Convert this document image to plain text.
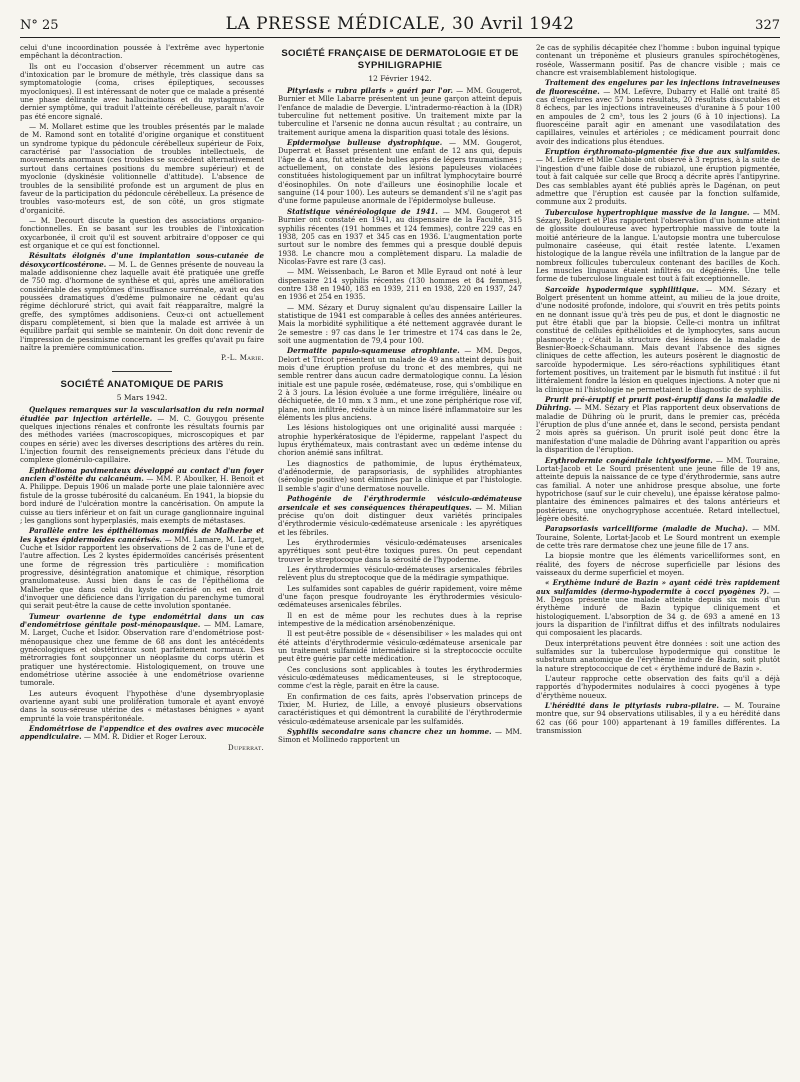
N° 25	LA PRESSE MÉDICALE, 30 Avril 1942	327

celui d'une incoordination poussée à l'extrême avec hypertonie empêchant la décontraction.

Ils ont eu l'occasion d'observer récemment un autre cas d'intoxication par le bromure de méthyle, très classique dans sa symptomatologie (coma, crises épileptiques, secousses myocloniques). Il est intéressant de noter que ce malade a présenté une phase délirante avec hallucinations et du nystagmus. Ce dernier symptôme, qui traduit l'atteinte cérébelleuse, paraît n'avoir pas été encore signalé.

— M. Mollaret estime que les troubles présentés par le malade de M. Ramond sont en totalité d'origine organique et constituent un syndrome typique du pédoncule cérébelleux supérieur de Foix, caractérisé par l'association de troubles intellectuels, de mouvements anormaux (ces troubles se succèdent alternativement surtout dans certaines positions du membre supérieur) et de myoclonie (dyskinésie volitionnelle d'attitude). L'absence de troubles de la sensibilité profonde est un argument de plus en faveur de la participation du pédoncule cérébelleux. La présence de troubles vaso-moteurs est, de son côté, un gros stigmate d'organicité.

— M. Decourt discute la question des associations organico-fonctionnelles. En se basant sur les troubles de l'intoxication oxycarbonée, il croit qu'il est souvent arbitraire d'opposer ce qui est organique et ce qui est fonctionnel.

Résultats éloignés d'une implantation sous-cutanée de désoxycorticostérone. — M. L. de Gennes présente de nouveau la malade addisonienne chez laquelle avait été pratiquée une greffe de 750 mg. d'hormone de synthèse et qui, après une amélioration considérable des symptômes d'insuffisance surrénale, avait eu des poussées dramatiques d'œdème pulmonaire ne cédant qu'au régime déchloruré strict, qui avait fait réapparaître, malgré la greffe, des symptômes addisoniens. Ceux-ci ont actuellement disparu complètement, si bien que la malade est arrivée à un équilibre parfait qui semble se maintenir. On doit donc revenir de l'impression de pessimisme concernant les greffes qu'avait pu faire naître la première communication.
P.-L. Marie.
SOCIÉTÉ ANATOMIQUE DE PARIS
5 Mars 1942.
Quelques remarques sur la vascularisation du rein normal étudiée par injection artérielle. — M. C. Gouygou présente quelques injections rénales et confronte les résultats fournis par des méthodes variées (macroscopiques, microscopiques et par coupes en série) avec les diverses descriptions des artères du rein. L'injection fournit des renseignements précieux dans l'étude du complexe glomérulo-capillaire.
Epithélioma pavimenteux développé au contact d'un foyer ancien d'ostéite du calcanéum. — MM. P. Aboulker, H. Benoit et A. Philippe. Depuis 1906 un malade porte une plaie talonnière avec fistule de la grosse tubérosité du calcanéum. En 1941, la biopsie du bord induré de l'ulcération montre la cancérisation. On ampute la cuisse au tiers inférieur et on fait un curage ganglionnaire inguinal ; les ganglions sont hyperplasiés, mais exempts de métastases.
Parallèle entre les épithéliomas momifiés de Malherbe et les kystes épidermoïdes cancérisés. — MM. Lamare, M. Larget, Cuche et Isidor rapportent les observations de 2 cas de l'une et de l'autre affection. Les 2 kystes épidermoïdes cancérisés présentent une forme de régression très particulière : momification progressive, désintégration anatomique et chimique, résorption granulomateuse. Aussi bien dans le cas de l'épithélioma de Malherbe que dans celui du kyste cancérisé on est en droit d'invoquer une déficience dans l'irrigation du parenchyme tumoral qui serait peut-être la cause de cette involution spontanée.
Tumeur ovarienne de type endométrial dans un cas d'endométriose génitale post-ménopausique. — MM. Lamare, M. Larget, Cuche et Isidor. Observation rare d'endométriose post-ménopausique chez une femme de 68 ans dont les antécédents gynécologiques et obstétricaux sont parfaitement normaux. Des métrorragies font soupçonner un néoplasme du corps utérin et pratiquer une hystérectomie. Histologiquement, on trouve une endométriose utérine associée à une endométriose ovarienne tumorale.

Les auteurs évoquent l'hypothèse d'une dysembryoplasie ovarienne ayant subi une prolifération tumorale et ayant envoyé dans la sous-séreuse utérine des « métastases bénignes » ayant emprunté la voie transpéritonéale.

Endométriose de l'appendice et des ovaires avec mucocèle appendiculaire. — MM. R. Didier et Roger Leroux.
Duperrat.
SOCIÉTÉ FRANÇAISE DE DERMATOLOGIE ET DE SYPHILIGRAPHIE
12 Février 1942.
Pityriasis « rubra pilaris » guéri par l'or. — MM. Gougerot, Burnier et Mlle Labarre présentent un jeune garçon atteint depuis l'enfance de maladie de Devergie. L'intradermo-réaction à la (IDR) tuberculine fut nettement positive. Un traitement mixte par la tuberculine et l'arsenic ne donna aucun résultat ; au contraire, un traitement aurique amena la disparition quasi totale des lésions.
Epidermolyse bulleuse dystrophique. — MM. Gougerot, Duperrat et Basset présentent une enfant de 12 ans qui, depuis l'âge de 4 ans, fut atteinte de bulles après de légers traumatismes ; actuellement, on constate des lésions papuleuses violacées constituées histologiquement par un infiltrat lymphocytaire bourré d'éosinophiles. On note d'ailleurs une éosinophilie locale et sanguine (14 pour 100). Les auteurs se demandent s'il ne s'agit pas d'une forme papuleuse anormale de l'épidermolyse bulleuse.
Statistique vénéréologique de 1941. — MM. Gougerot et Burnier ont constaté en 1941, au dispensaire de la Faculté, 315 syphilis récentes (191 hommes et 124 femmes), contre 229 cas en 1938, 205 cas en 1937 et 345 cas en 1936. L'augmentation porte surtout sur le nombre des femmes qui a presque doublé depuis 1938. Le chancre mou a complètement disparu. La maladie de Nicolas-Favre est rare (3 cas).

— MM. Weissenbach, Le Baron et Mlle Eyraud ont noté à leur dispensaire 214 syphilis récentes (130 hommes et 84 femmes), contre 138 en 1940, 183 en 1939, 211 en 1938, 220 en 1937, 247 en 1936 et 254 en 1935.

— MM. Sézary et Duruy signalent qu'au dispensaire Lailler la statistique de 1941 est comparable à celles des années antérieures. Mais la morbidité syphilitique a été nettement aggravée durant le 2e semestre : 97 cas dans le 1er trimestre et 174 cas dans le 2e, soit une augmentation de 79,4 pour 100.

Dermatite papulo-squameuse atrophiante. — MM. Degos, Delort et Tricot présentent un malade de 49 ans atteint depuis huit mois d'une éruption profuse du tronc et des membres, qui ne semble rentrer dans aucun cadre dermatologique connu. La lésion initiale est une papule rosée, œdémateuse, rose, qui s'ombilique en 2 à 3 jours. La lésion évoluée a une forme irrégulière, linéaire ou déchiquetée, de 10 mm. x 3 mm., et une zone périphérique rose vif, plane, non infiltrée, réduite à un mince liséré inflammatoire sur les éléments les plus anciens.

Les lésions histologiques ont une originalité aussi marquée : atrophie hyperkératosique de l'épiderme, rappelant l'aspect du lupus érythémateux, mais contrastant avec un œdème intense du chorion anémié sans infiltrat.

Les diagnostics de pathomimie, de lupus érythémateux, d'adénodermie, de parapsoriasis, de syphilides atrophiantes (sérologie positive) sont éliminés par la clinique et par l'histologie. Il semble s'agir d'une dermatose nouvelle.

Pathogénie de l'érythrodermie vésiculo-œdémateuse arsenicale et ses conséquences thérapeutiques. — M. Milian précise qu'on doit distinguer deux variétés principales d'érythrodermie vésiculo-œdémateuse arsenicale : les apyrétiques et les fébriles.

Les érythrodermies vésiculo-œdémateuses arsenicales apyrétiques sont peut-être toxiques pures. On peut cependant trouver le streptocoque dans la sérosité de l'hypoderme.

Les érythrodermies vésiculo-œdémateuses arsenicales fébriles relèvent plus du streptocoque que de la médiragie sympathique.

Les sulfamides sont capables de guérir rapidement, voire même d'une façon presque foudroyante les érythrodermies vésiculo-œdémateuses arsenicales fébriles.

Il en est de même pour les rechutes dues à la reprise intempestive de la médication arsénobenzénique.

Il est peut-être possible de « désensibiliser » les malades qui ont été atteints d'érythrodermie vésiculo-œdémateuse arsenicale par un traitement sulfamidé intermédiaire si la streptococcie occulte peut être guérie par cette médication.

Ces conclusions sont applicables à toutes les érythrodermies vésiculo-œdémateuses médicamenteuses, si le streptocoque, comme c'est la règle, parait en être la cause.

En confirmation de ces faits, après l'observation princeps de Tixier, M. Huriez, de Lille, a envoyé plusieurs observations caractéristiques et qui démontrent la curabilité de l'érythrodermie vésiculo-œdémateuse arsenicale par les sulfamidés.

Syphilis secondaire sans chancre chez un homme. — MM. Simon et Mollinedo rapportent un

2e cas de syphilis décapitée chez l'homme : bubon inguinal typique contenant un tréponème et plusieurs granules spirochétogènes, roséole, Wassermann positif. Pas de chancre visible ; mais ce chancre est vraisemblablement histologique.

Traitement des engelures par les injections intraveineuses de fluorescéine. — MM. Lefèvre, Dubarry et Hallé ont traité 85 cas d'engelures avec 57 bons résultats, 20 résultats discutables et 8 échecs, par les injections intraveineuses d'uranine à 5 pour 100 en ampoules de 2 cm³, tous les 2 jours (6 à 10 injections). La fluorescéine paraît agir en amenant une vasodilatation des capillaires, veinules et artérioles ; ce médicament pourrait donc avoir des indications plus étendues.
Eruption érythromato-pigmentée fixe due aux sulfamides. — M. Lefèvre et Mlle Cabiale ont observé à 3 reprises, à la suite de l'ingestion d'une faible dose de rubiazol, une éruption pigmentée, tout à fait calquée sur celle que Brocq a décrite après l'antipyrine. Des cas semblables ayant été publiés après le Dagénan, on peut admettre que l'éruption est causée par la fonction sulfamide, commune aux 2 produits.
Tuberculose hypertrophique massive de la langue. — MM. Sézary, Bolgert et Plas rapportent l'observation d'un homme atteint de glossite douloureuse avec hypertrophie massive de toute la moitié antérieure de la langue. L'autopsie montra une tuberculose pulmonaire caséeuse, qui était restée latente. L'examen histologique de la langue révéla une infiltration de la langue par de nombreux follicules tuberculeux contenant des bacilles de Koch. Les muscles linguaux étaient infiltrés ou dégénérés. Une telle forme de tuberculose linguale est tout à fait exceptionnelle.
Sarcoïde hypodermique syphilitique. — MM. Sézary et Bolgert présentent un homme atteint, au milieu de la joue droite, d'une nodosité profonde, indolore, qui s'ouvrit en très petits points en ne donnant issue qu'à très peu de pus, et dont le diagnostic ne put être établi que par la biopsie. Celle-ci montra un infiltrat constitué de cellules épithélioïdes et de lymphocytes, sans aucun plasmocyte ; c'était la structure des lésions de la maladie de Besnier-Boeck-Schaumann. Mais devant l'absence des signes cliniques de cette affection, les auteurs posèrent le diagnostic de sarcoïde hypodermique. Les séro-réactions syphilitiques étant fortement positives, un traitement par le bismuth fut institué : il fut littéralement fondre la lésion en quelques injections. A noter que ni la clinique ni l'histologie ne permettaient le diagnostic de syphilis.
Prurit pré-éruptif et prurit post-éruptif dans la maladie de Dühring. — MM. Sézary et Plas rapportent deux observations de maladie de Dühring où le prurit, dans le premier cas, précéda l'éruption de plus d'une année et, dans le second, persista pendant 2 mois après sa guérison. Un prurit isolé peut donc être la manifestation d'une maladie de Dühring avant l'apparition ou après la disparition de l'éruption.
Erythrodermie congénitale ichtyosiforme. — MM. Touraine, Lortat-Jacob et Le Sourd présentent une jeune fille de 19 ans, atteinte depuis la naissance de ce type d'érythrodermie, sans autre cas familial. A noter une anhidrose presque absolue, une forte hypotrichose (sauf sur le cuir chevelu), une épaisse kératose palmo-plantaire des éminences palmaires et des talons antérieurs et postérieurs, une onychogryphose accentuée. Retard intellectuel, légère obésité.
Parapsoriasis varicelliforme (maladie de Mucha). — MM. Touraine, Solente, Lortat-Jacob et Le Sourd montrent un exemple de cette très rare dermatose chez une jeune fille de 17 ans.

La biopsie montre que les éléments varicelliformes sont, en réalité, des foyers de nécrose superficielle par lésions des vaisseaux du derme superficiel et moyen.

« Erythème induré de Bazin » ayant cédé très rapidement aux sulfamides (dermo-hypodermite à cocci pyogènes ?). — M. Degos présente une malade atteinte depuis six mois d'un érythème induré de Bazin typique cliniquement et histologiquement. L'absorption de 34 g. de 693 a amené en 13 jours la disparition de l'infiltrat diffus et des infiltrats nodulaires qui composaient les placards.

Deux interprétations peuvent être données : soit une action des sulfamides sur la tuberculose hypodermique qui constitue le substratum anatomique de l'érythème induré de Bazin, soit plutôt la nature streptococcique de cet « érythème induré de Bazin ».

L'auteur rapproche cette observation des faits qu'il a déjà rapportés d'hypodermites nodulaires à cocci pyogènes à type d'érythème noueux.

L'hérédité dans le pityriasis rubra-pilaire. — M. Touraine montre que, sur 94 observations utilisables, il y a eu hérédité dans 62 cas (66 pour 100) appartenant à 19 familles différentes. La transmission
